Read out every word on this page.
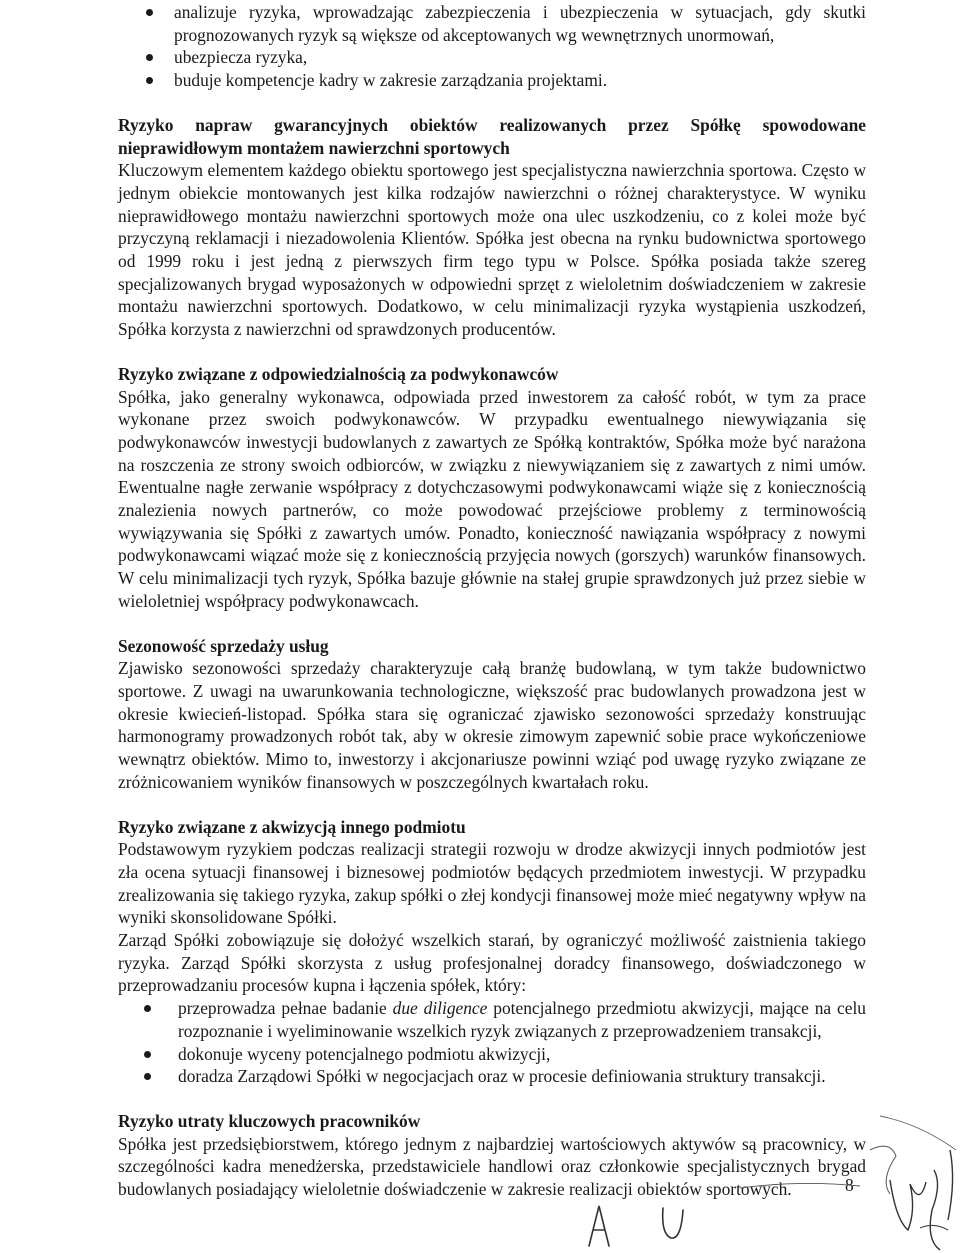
analizuje ryzyka, wprowadzając zabezpieczenia i ubezpieczenia w sytuacjach, gdy skutki prognozowanych ryzyk są większe od akceptowanych wg wewnętrznych unormowań,
ubezpiecza ryzyka,
buduje kompetencje kadry w zakresie zarządzania projektami.
Ryzyko napraw gwarancyjnych obiektów realizowanych przez Spółkę spowodowane nieprawidłowym montażem nawierzchni sportowych

Kluczowym elementem każdego obiektu sportowego jest specjalistyczna nawierzchnia sportowa. Często w jednym obiekcie montowanych jest kilka rodzajów nawierzchni o różnej charakterystyce. W wyniku nieprawidłowego montażu nawierzchni sportowych może ona ulec uszkodzeniu, co z kolei może być przyczyną reklamacji i niezadowolenia Klientów. Spółka jest obecna na rynku budownictwa sportowego od 1999 roku i jest jedną z pierwszych firm tego typu w Polsce. Spółka posiada także szereg specjalizowanych brygad wyposażonych w odpowiedni sprzęt z wieloletnim doświadczeniem w zakresie montażu nawierzchni sportowych. Dodatkowo, w celu minimalizacji ryzyka wystąpienia uszkodzeń, Spółka korzysta z nawierzchni od sprawdzonych producentów.

Ryzyko związane z odpowiedzialnością za podwykonawców

Spółka, jako generalny wykonawca, odpowiada przed inwestorem za całość robót, w tym za prace wykonane przez swoich podwykonawców. W przypadku ewentualnego niewywiązania się podwykonawców inwestycji budowlanych z zawartych ze Spółką kontraktów, Spółka może być narażona na roszczenia ze strony swoich odbiorców, w związku z niewywiązaniem się z zawartych z nimi umów. Ewentualne nagłe zerwanie współpracy z dotychczasowymi podwykonawcami wiąże się z koniecznością znalezienia nowych partnerów, co może powodować przejściowe problemy z terminowością wywiązywania się Spółki z zawartych umów. Ponadto, konieczność nawiązania współpracy z nowymi podwykonawcami wiązać może się z koniecznością przyjęcia nowych (gorszych) warunków finansowych. W celu minimalizacji tych ryzyk, Spółka bazuje głównie na stałej grupie sprawdzonych już przez siebie w wieloletniej współpracy podwykonawcach.

Sezonowość sprzedaży usług

Zjawisko sezonowości sprzedaży charakteryzuje całą branżę budowlaną, w tym także budownictwo sportowe. Z uwagi na uwarunkowania technologiczne, większość prac budowlanych prowadzona jest w okresie kwiecień-listopad. Spółka stara się ograniczać zjawisko sezonowości sprzedaży konstruując harmonogramy prowadzonych robót tak, aby w okresie zimowym zapewnić sobie prace wykończeniowe wewnątrz obiektów. Mimo to, inwestorzy i akcjonariusze powinni wziąć pod uwagę ryzyko związane ze zróżnicowaniem wyników finansowych w poszczególnych kwartałach roku.

Ryzyko związane z akwizycją innego podmiotu

Podstawowym ryzykiem podczas realizacji strategii rozwoju w drodze akwizycji innych podmiotów jest zła ocena sytuacji finansowej i biznesowej podmiotów będących przedmiotem inwestycji. W przypadku zrealizowania się takiego ryzyka, zakup spółki o złej kondycji finansowej może mieć negatywny wpływ na wyniki skonsolidowane Spółki.

Zarząd Spółki zobowiązuje się dołożyć wszelkich starań, by ograniczyć możliwość zaistnienia takiego ryzyka. Zarząd Spółki skorzysta z usług profesjonalnej doradcy finansowego, doświadczonego w przeprowadzaniu procesów kupna i łączenia spółek, który:

przeprowadza pełnae badanie due diligence potencjalnego przedmiotu akwizycji, mające na celu rozpoznanie i wyeliminowanie wszelkich ryzyk związanych z przeprowadzeniem transakcji,
dokonuje wyceny potencjalnego podmiotu akwizycji,
doradza Zarządowi Spółki w negocjacjach oraz w procesie definiowania struktury transakcji.
Ryzyko utraty kluczowych pracowników

Spółka jest przedsiębiorstwem, którego jednym z najbardziej wartościowych aktywów są pracownicy, w szczególności kadra menedżerska, przedstawiciele handlowi oraz członkowie specjalistycznych brygad budowlanych posiadający wieloletnie doświadczenie w zakresie realizacji obiektów sportowych.	8
